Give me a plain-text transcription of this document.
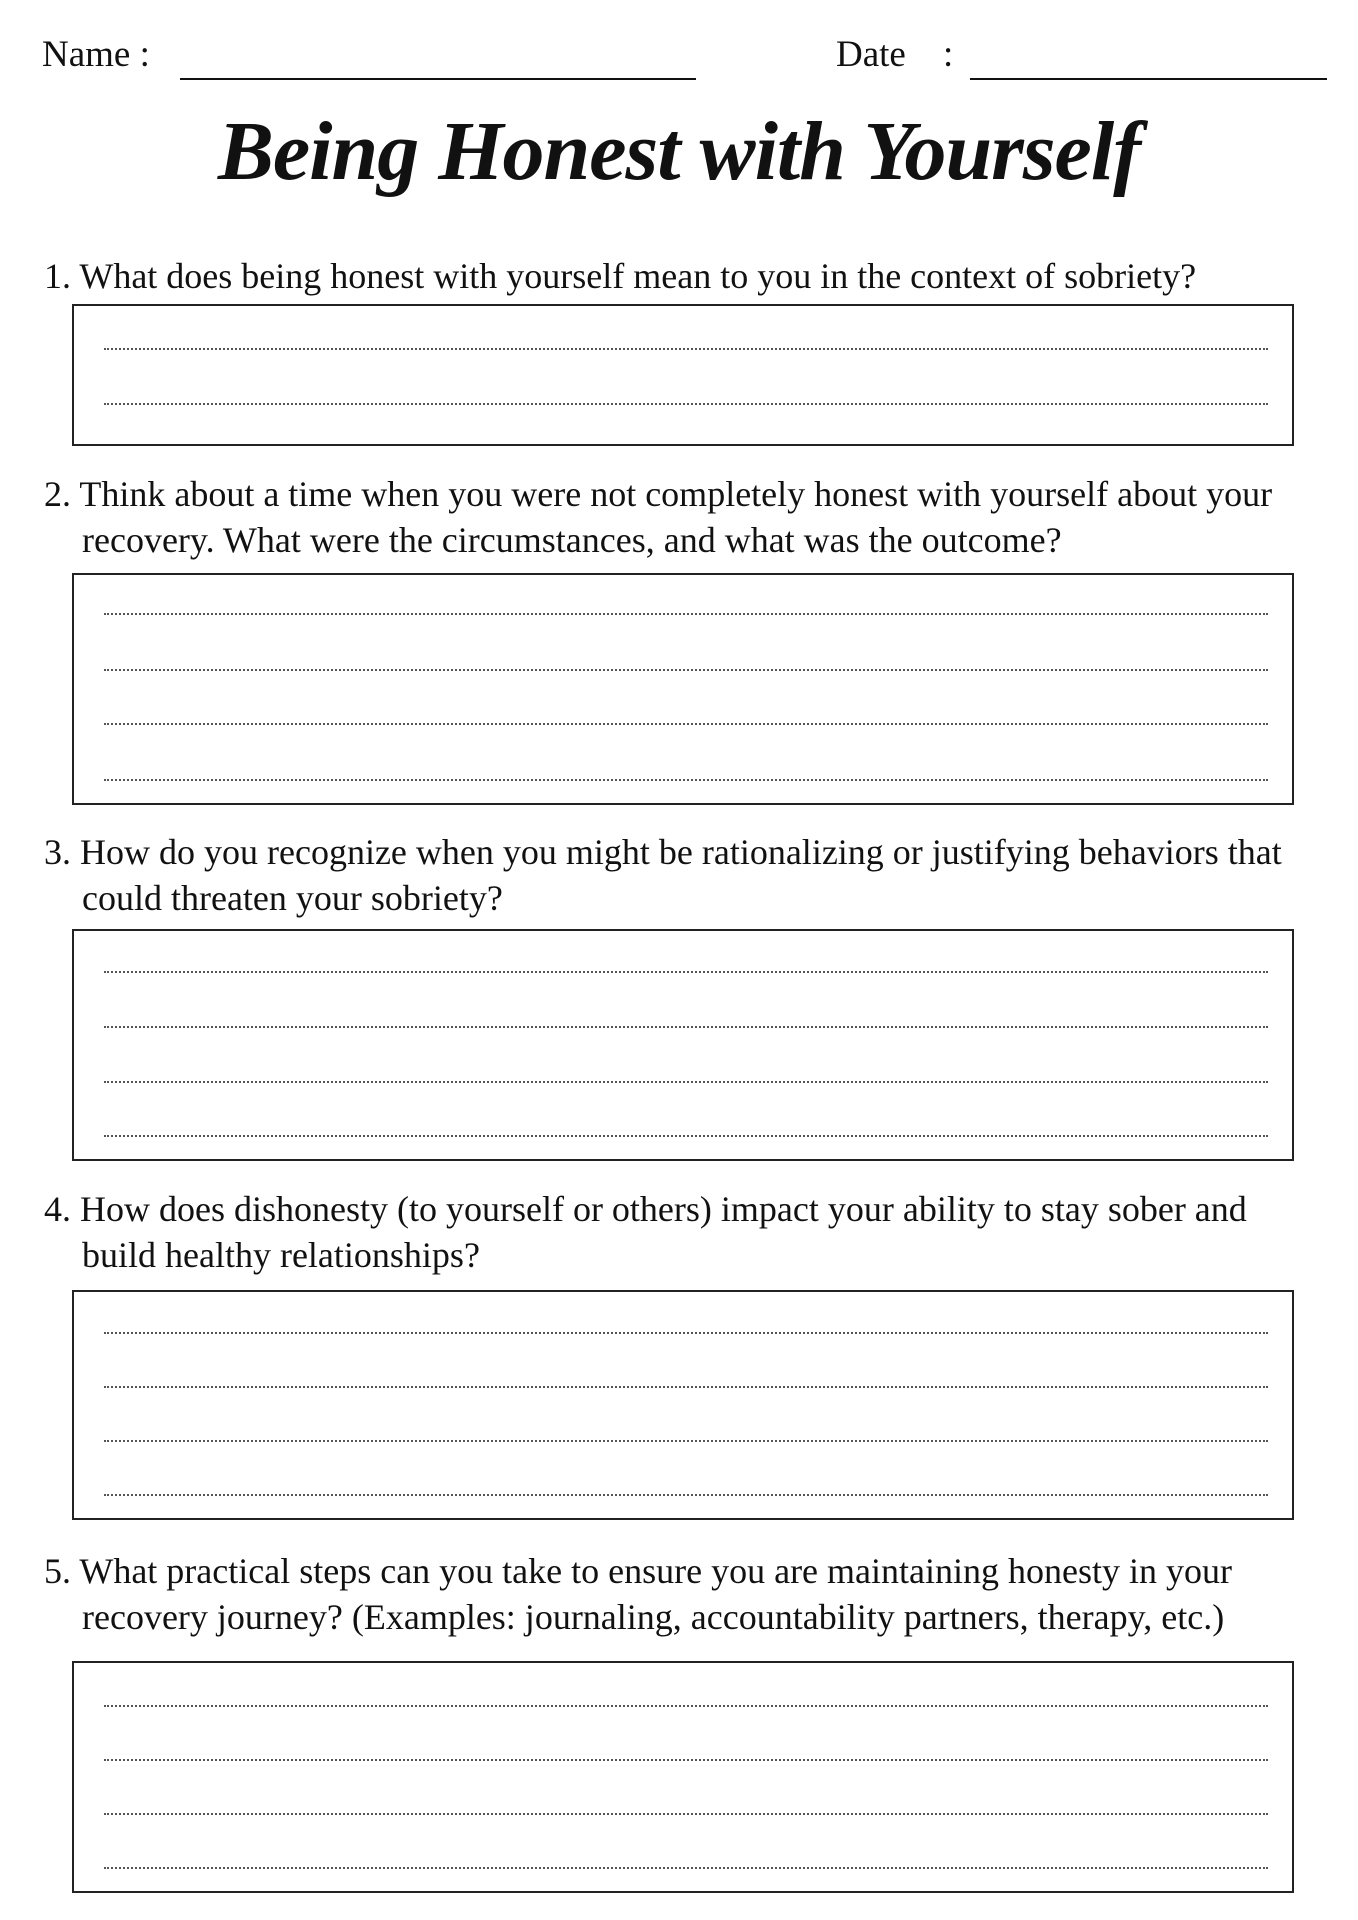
Name :	Date :
Being Honest with Yourself

1. What does being honest with yourself mean to you in the context of sobriety?

2. Think about a time when you were not completely honest with yourself about your
recovery. What were the circumstances, and what was the outcome?

3. How do you recognize when you might be rationalizing or justifying behaviors that
could threaten your sobriety?

4. How does dishonesty (to yourself or others) impact your ability to stay sober and
build healthy relationships?

5. What practical steps can you take to ensure you are maintaining honesty in your
recovery journey? (Examples: journaling, accountability partners, therapy, etc.)
